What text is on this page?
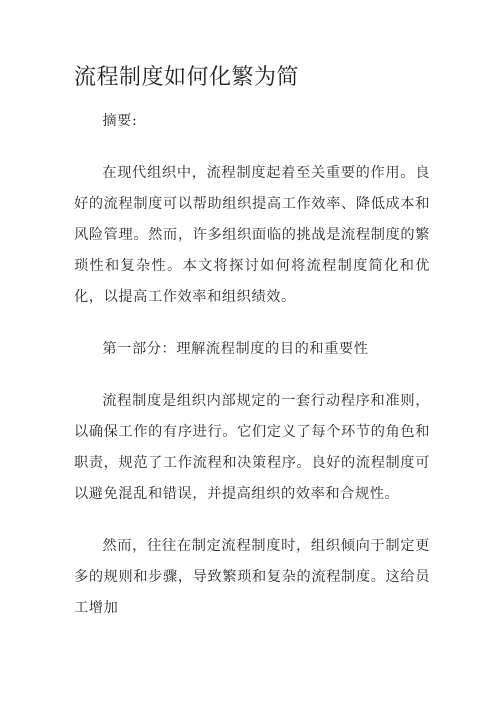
流程制度如何化繁为简

摘要:

在现代组织中，流程制度起着至关重要的作用。良好的流程制度可以帮助组织提高工作效率、降低成本和风险管理。然而，许多组织面临的挑战是流程制度的繁琐性和复杂性。本文将探讨如何将流程制度简化和优化，以提高工作效率和组织绩效。

第一部分：理解流程制度的目的和重要性

流程制度是组织内部规定的一套行动程序和准则，以确保工作的有序进行。它们定义了每个环节的角色和职责，规范了工作流程和决策程序。良好的流程制度可以避免混乱和错误，并提高组织的效率和合规性。

然而，往往在制定流程制度时，组织倾向于制定更多的规则和步骤，导致繁琐和复杂的流程制度。这给员工增加
